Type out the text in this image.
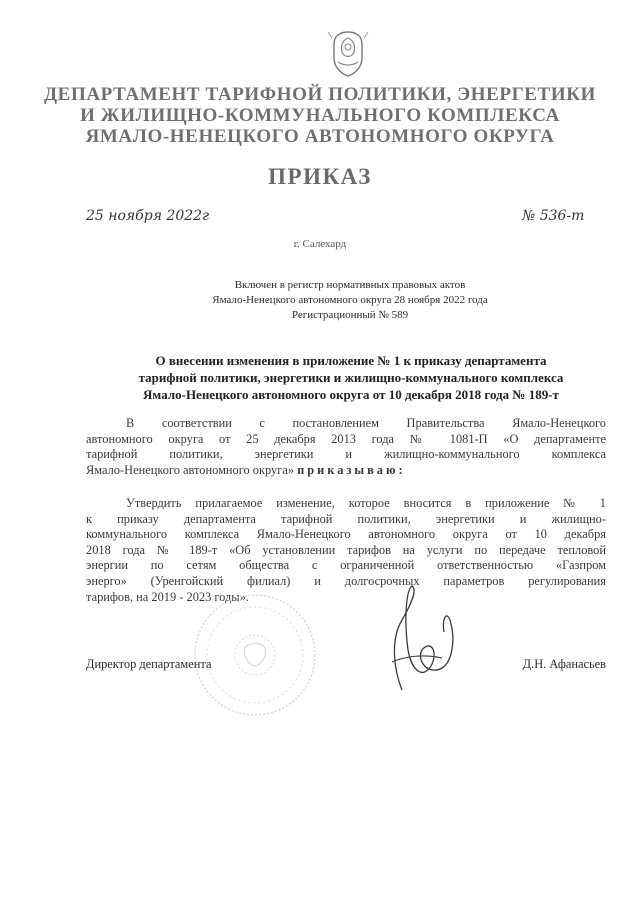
ДЕПАРТАМЕНТ ТАРИФНОЙ ПОЛИТИКИ, ЭНЕРГЕТИКИ
И ЖИЛИЩНО-КОММУНАЛЬНОГО КОМПЛЕКСА
ЯМАЛО-НЕНЕЦКОГО АВТОНОМНОГО ОКРУГА
ПРИКАЗ
25 ноября 2022г	№ 536-т
г. Салехард
Включен в регистр нормативных правовых актов
Ямало-Ненецкого автономного округа 28 ноября 2022 года
Регистрационный № 589
О внесении изменения в приложение № 1 к приказу департамента
тарифной политики, энергетики и жилищно-коммунального комплекса
Ямало-Ненецкого автономного округа от 10 декабря 2018 года № 189-т
В соответствии с постановлением Правительства Ямало-Ненецкого
автономного округа от 25 декабря 2013 года № 1081-П «О департаменте
тарифной политики, энергетики и жилищно-коммунального комплекса
Ямало-Ненецкого автономного округа» приказываю:
Утвердить прилагаемое изменение, которое вносится в приложение № 1
к приказу департамента тарифной политики, энергетики и жилищно-
коммунального комплекса Ямало-Ненецкого автономного округа от 10 декабря
2018 года № 189-т «Об установлении тарифов на услуги по передаче тепловой
энергии по сетям общества с ограниченной ответственностью «Газпром
энерго» (Уренгойский филиал) и долгосрочных параметров регулирования
тарифов, на 2019 - 2023 годы».
Директор департамента	Д.Н. Афанасьев
